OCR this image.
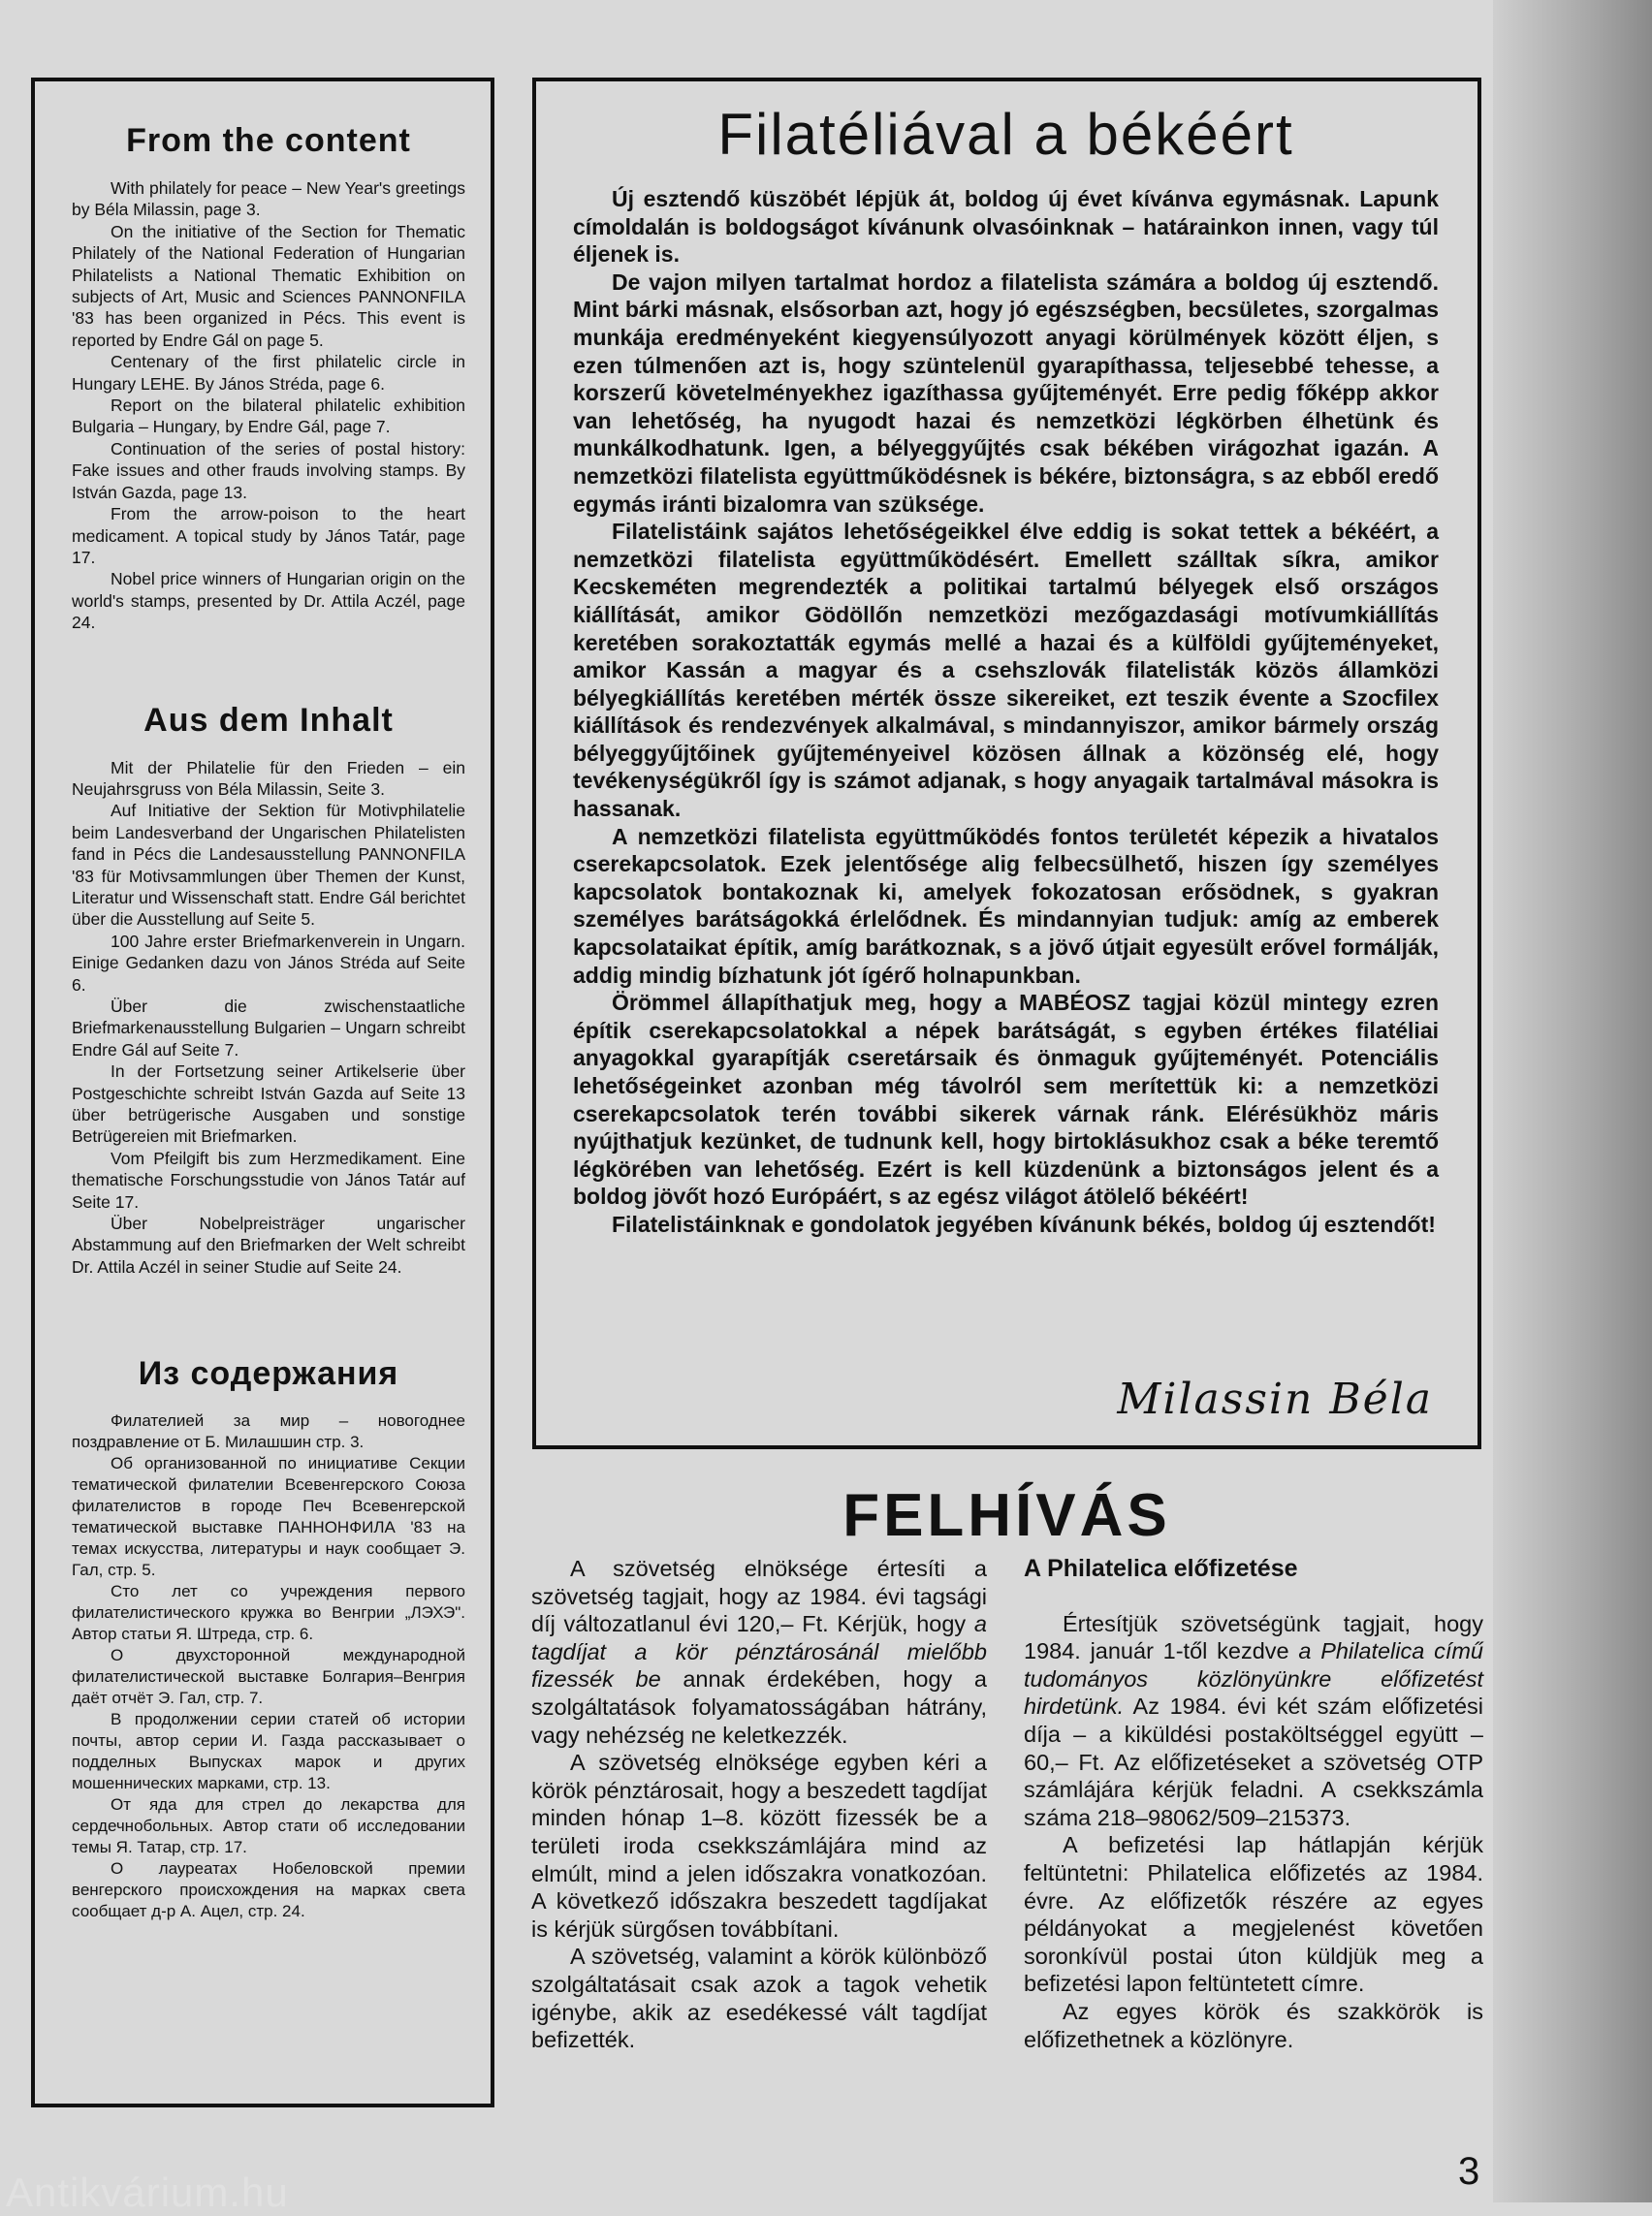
From the content

With philately for peace – New Year's greetings by Béla Milassin, page 3.

On the initiative of the Section for Thematic Philately of the National Federation of Hungarian Philatelists a National Thematic Exhibition on subjects of Art, Music and Sciences PANNONFILA '83 has been organized in Pécs. This event is reported by Endre Gál on page 5.

Centenary of the first philatelic circle in Hungary LEHE. By János Stréda, page 6.

Report on the bilateral philatelic exhibition Bulgaria – Hungary, by Endre Gál, page 7.

Continuation of the series of postal history: Fake issues and other frauds involving stamps. By István Gazda, page 13.

From the arrow-poison to the heart medicament. A topical study by János Tatár, page 17.

Nobel price winners of Hungarian origin on the world's stamps, presented by Dr. Attila Aczél, page 24.

Aus dem Inhalt

Mit der Philatelie für den Frieden – ein Neujahrsgruss von Béla Milassin, Seite 3.

Auf Initiative der Sektion für Motivphilatelie beim Landesverband der Ungarischen Philatelisten fand in Pécs die Landesausstellung PANNONFILA '83 für Motivsammlungen über Themen der Kunst, Literatur und Wissenschaft statt. Endre Gál berichtet über die Ausstellung auf Seite 5.

100 Jahre erster Briefmarkenverein in Ungarn. Einige Gedanken dazu von János Stréda auf Seite 6.

Über die zwischenstaatliche Briefmarkenausstellung Bulgarien – Ungarn schreibt Endre Gál auf Seite 7.

In der Fortsetzung seiner Artikelserie über Postgeschichte schreibt István Gazda auf Seite 13 über betrügerische Ausgaben und sonstige Betrügereien mit Briefmarken.

Vom Pfeilgift bis zum Herzmedikament. Eine thematische Forschungsstudie von János Tatár auf Seite 17.

Über Nobelpreisträger ungarischer Abstammung auf den Briefmarken der Welt schreibt Dr. Attila Aczél in seiner Studie auf Seite 24.

Из содержания

Филателией за мир – новогоднее поздравление от Б. Милашшин стр. 3.

Об организованной по инициативе Секции тематической филателии Всевенгерского Союза филателистов в городе Печ Всевенгерской тематической выставке ПАННОНФИЛА '83 на темах искусства, литературы и наук сообщает Э. Гал, стр. 5.

Сто лет со учреждения первого филателистического кружка во Венгрии „ЛЭХЭ". Автор статьи Я. Штреда, стр. 6.

О двухсторонной международной филателистической выставке Болгария–Венгрия даёт отчёт Э. Гал, стр. 7.

В продолжении серии статей об истории почты, автор серии И. Газда рассказывает о подделных Выпусках марок и других мошеннических марками, стр. 13.

От яда для стрел до лекарства для сердечнобольных. Автор стати об исследовании темы Я. Татар, стр. 17.

О лауреатах Нобеловской премии венгерского происхождения на марках света сообщает д-р А. Ацел, стр. 24.

Filatéliával a békéért

Új esztendő küszöbét lépjük át, boldog új évet kívánva egymásnak. Lapunk címoldalán is boldogságot kívánunk olvasóinknak – határainkon innen, vagy túl éljenek is.

De vajon milyen tartalmat hordoz a filatelista számára a boldog új esztendő. Mint bárki másnak, elsősorban azt, hogy jó egészségben, becsületes, szorgalmas munkája eredményeként kiegyensúlyozott anyagi körülmények között éljen, s ezen túlmenően azt is, hogy szüntelenül gyarapíthassa, teljesebbé tehesse, a korszerű követelményekhez igazíthassa gyűjteményét. Erre pedig főképp akkor van lehetőség, ha nyugodt hazai és nemzetközi légkörben élhetünk és munkálkodhatunk. Igen, a bélyeggyűjtés csak békében virágozhat igazán. A nemzetközi filatelista együttműködésnek is békére, biztonságra, s az ebből eredő egymás iránti bizalomra van szüksége.

Filatelistáink sajátos lehetőségeikkel élve eddig is sokat tettek a békéért, a nemzetközi filatelista együttműködésért. Emellett szálltak síkra, amikor Kecskeméten megrendezték a politikai tartalmú bélyegek első országos kiállítását, amikor Gödöllőn nemzetközi mezőgazdasági motívumkiállítás keretében sorakoztatták egymás mellé a hazai és a külföldi gyűjteményeket, amikor Kassán a magyar és a csehszlovák filatelisták közös államközi bélyegkiállítás keretében mérték össze sikereiket, ezt teszik évente a Szocfilex kiállítások és rendezvények alkalmával, s mindannyiszor, amikor bármely ország bélyeggyűjtőinek gyűjteményeivel közösen állnak a közönség elé, hogy tevékenységükről így is számot adjanak, s hogy anyagaik tartalmával másokra is hassanak.

A nemzetközi filatelista együttműködés fontos területét képezik a hivatalos cserekapcsolatok. Ezek jelentősége alig felbecsülhető, hiszen így személyes kapcsolatok bontakoznak ki, amelyek fokozatosan erősödnek, s gyakran személyes barátságokká érlelődnek. És mindannyian tudjuk: amíg az emberek kapcsolataikat építik, amíg barátkoznak, s a jövő útjait egyesült erővel formálják, addig mindig bízhatunk jót ígérő holnapunkban.

Örömmel állapíthatjuk meg, hogy a MABÉOSZ tagjai közül mintegy ezren építik cserekapcsolatokkal a népek barátságát, s egyben értékes filatéliai anyagokkal gyarapítják cseretársaik és önmaguk gyűjteményét. Potenciális lehetőségeinket azonban még távolról sem merítettük ki: a nemzetközi cserekapcsolatok terén további sikerek várnak ránk. Elérésükhöz máris nyújthatjuk kezünket, de tudnunk kell, hogy birtoklásukhoz csak a béke teremtő légkörében van lehetőség. Ezért is kell küzdenünk a biztonságos jelent és a boldog jövőt hozó Európáért, s az egész világot átölelő békéért!

Filatelistáinknak e gondolatok jegyében kívánunk békés, boldog új esztendőt!

Milassin Béla
FELHÍVÁS

A szövetség elnöksége értesíti a szövetség tagjait, hogy az 1984. évi tagsági díj változatlanul évi 120,– Ft. Kérjük, hogy a tagdíjat a kör pénztárosánál mielőbb fizessék be annak érdekében, hogy a szolgáltatások folyamatosságában hátrány, vagy nehézség ne keletkezzék.

A szövetség elnöksége egyben kéri a körök pénztárosait, hogy a beszedett tagdíjat minden hónap 1–8. között fizessék be a területi iroda csekkszámlájára mind az elmúlt, mind a jelen időszakra vonatkozóan. A következő időszakra beszedett tagdíjakat is kérjük sürgősen továbbítani.

A szövetség, valamint a körök különböző szolgáltatásait csak azok a tagok vehetik igénybe, akik az esedékessé vált tagdíjat befizették.

A Philatelica előfizetése

Értesítjük szövetségünk tagjait, hogy 1984. január 1-től kezdve a Philatelica című tudományos közlönyünkre előfizetést hirdetünk. Az 1984. évi két szám előfizetési díja – a kiküldési postaköltséggel együtt – 60,– Ft. Az előfizetéseket a szövetség OTP számlájára kérjük feladni. A csekkszámla száma 218–98062/509–215373.

A befizetési lap hátlapján kérjük feltüntetni: Philatelica előfizetés az 1984. évre. Az előfizetők részére az egyes példányokat a megjelenést követően soronkívül postai úton küldjük meg a befizetési lapon feltüntetett címre.

Az egyes körök és szakkörök is előfizethetnek a közlönyre.

3
Antikvárium.hu
